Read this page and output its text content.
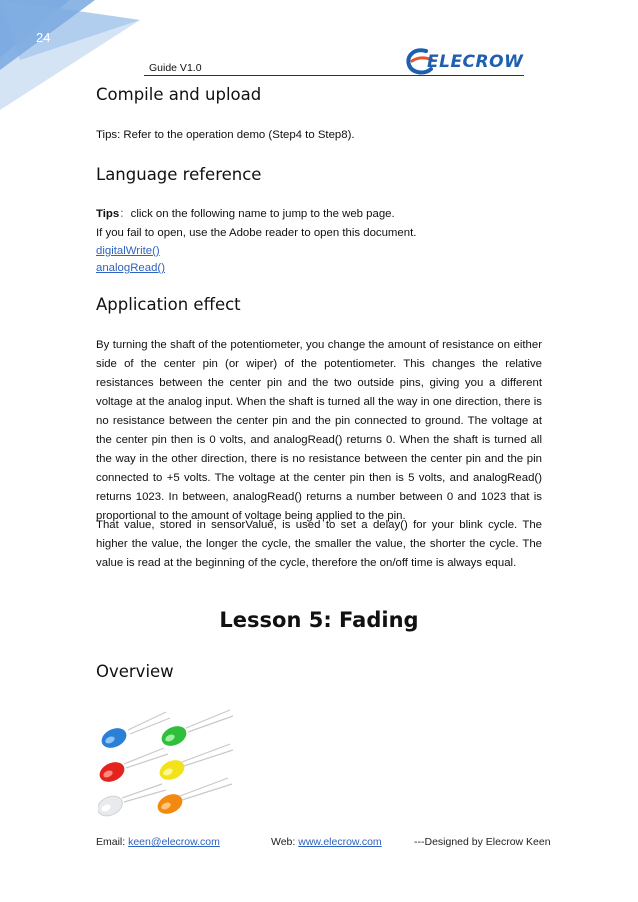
24
Guide V1.0	ELECROW
Compile and upload
Tips: Refer to the operation demo (Step4 to Step8).
Language reference
Tips：click on the following name to jump to the web page.
If you fail to open, use the Adobe reader to open this document.
digitalWrite()
analogRead()
Application effect
By turning the shaft of the potentiometer, you change the amount of resistance on either side of the center pin (or wiper) of the potentiometer. This changes the relative resistances between the center pin and the two outside pins, giving you a different voltage at the analog input. When the shaft is turned all the way in one direction, there is no resistance between the center pin and the pin connected to ground. The voltage at the center pin then is 0 volts, and analogRead() returns 0. When the shaft is turned all the way in the other direction, there is no resistance between the center pin and the pin connected to +5 volts. The voltage at the center pin then is 5 volts, and analogRead() returns 1023. In between, analogRead() returns a number between 0 and 1023 that is proportional to the amount of voltage being applied to the pin.
That value, stored in sensorValue, is used to set a delay() for your blink cycle. The higher the value, the longer the cycle, the smaller the value, the shorter the cycle. The value is read at the beginning of the cycle, therefore the on/off time is always equal.
Lesson 5: Fading
Overview
Email: keen@elecrow.com	Web: www.elecrow.com	---Designed by Elecrow Keen
